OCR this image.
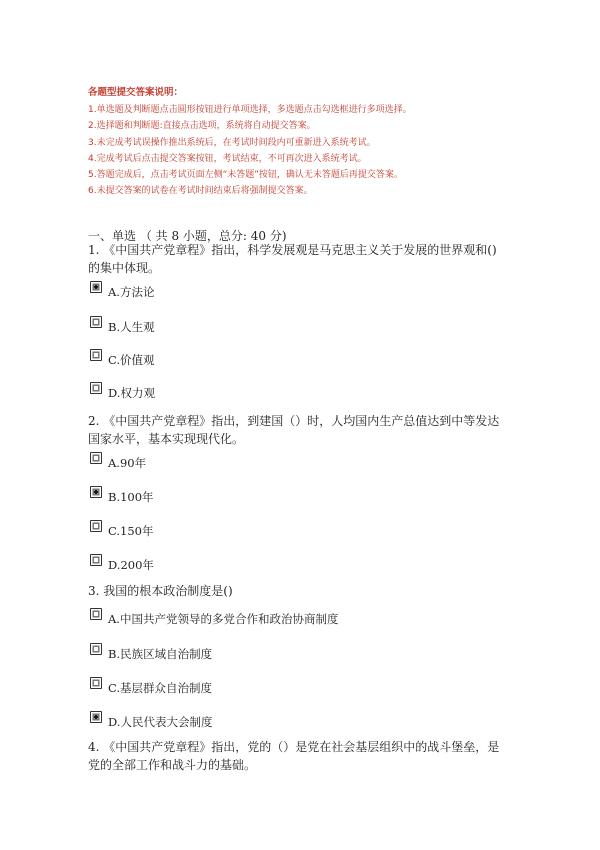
各题型提交答案说明：
1.单选题及判断题点击圆形按钮进行单项选择，多选题点击勾选框进行多项选择。
2.选择题和判断题:直接点击选项，系统将自动提交答案。
3.未完成考试误操作推出系统后，在考试时间段内可重新进入系统考试。
4.完成考试后点击提交答案按钮，考试结束，不可再次进入系统考试。
5.答题完成后，点击考试页面左侧“未答题”按钮，确认无未答题后再提交答案。
6.未提交答案的试卷在考试时间结束后将强制提交答案。
一、单选 （ 共 8 小题，总分: 40 分)
1. 《中国共产党章程》指出，科学发展观是马克思主义关于发展的世界观和()
的集中体现。
A.方法论
B.人生观
C.价值观
D.权力观
2. 《中国共产党章程》指出，到建国（）时，人均国内生产总值达到中等发达
国家水平，基本实现现代化。
A.90年
B.100年
C.150年
D.200年
3. 我国的根本政治制度是()
A.中国共产党领导的多党合作和政治协商制度
B.民族区域自治制度
C.基层群众自治制度
D.人民代表大会制度
4. 《中国共产党章程》指出，党的（）是党在社会基层组织中的战斗堡垒，是
党的全部工作和战斗力的基础。
